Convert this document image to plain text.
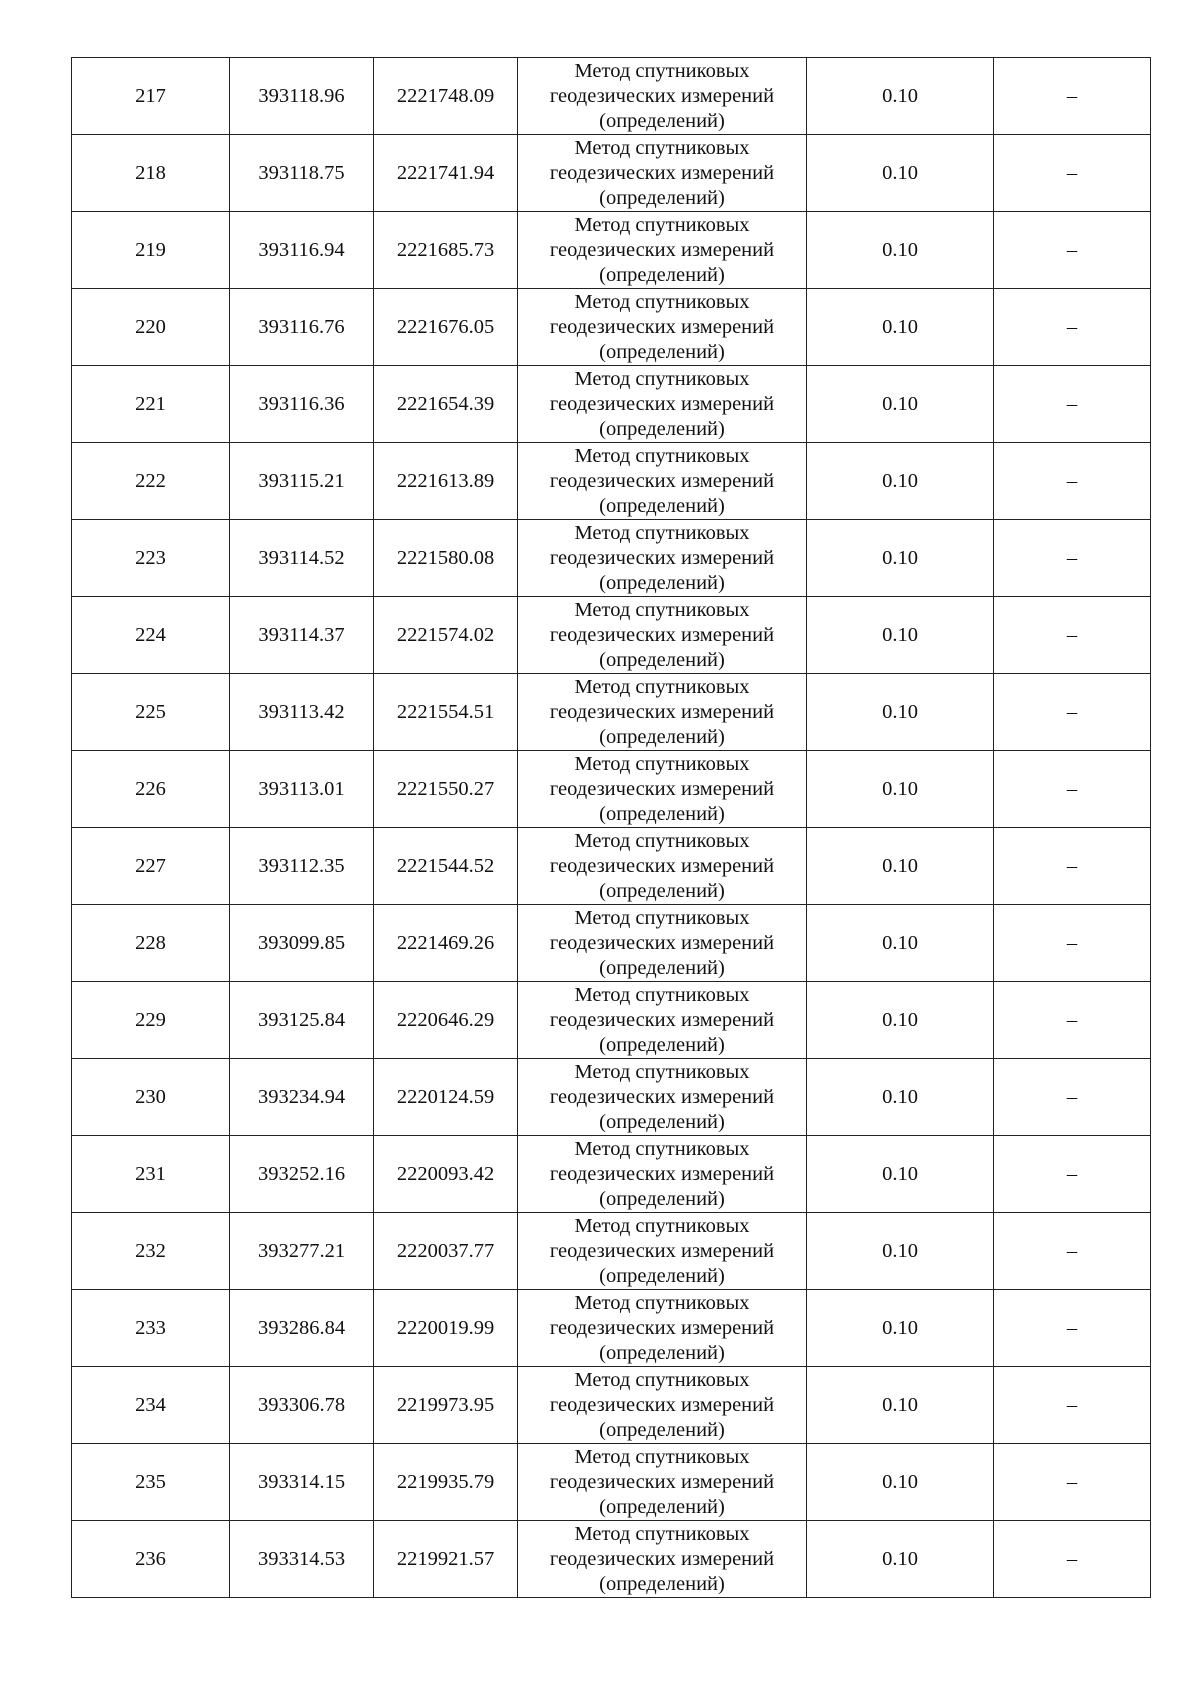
217	393118.96	2221748.09	Метод спутниковых
геодезических измерений
(определений)	0.10	–
218	393118.75	2221741.94	Метод спутниковых
геодезических измерений
(определений)	0.10	–
219	393116.94	2221685.73	Метод спутниковых
геодезических измерений
(определений)	0.10	–
220	393116.76	2221676.05	Метод спутниковых
геодезических измерений
(определений)	0.10	–
221	393116.36	2221654.39	Метод спутниковых
геодезических измерений
(определений)	0.10	–
222	393115.21	2221613.89	Метод спутниковых
геодезических измерений
(определений)	0.10	–
223	393114.52	2221580.08	Метод спутниковых
геодезических измерений
(определений)	0.10	–
224	393114.37	2221574.02	Метод спутниковых
геодезических измерений
(определений)	0.10	–
225	393113.42	2221554.51	Метод спутниковых
геодезических измерений
(определений)	0.10	–
226	393113.01	2221550.27	Метод спутниковых
геодезических измерений
(определений)	0.10	–
227	393112.35	2221544.52	Метод спутниковых
геодезических измерений
(определений)	0.10	–
228	393099.85	2221469.26	Метод спутниковых
геодезических измерений
(определений)	0.10	–
229	393125.84	2220646.29	Метод спутниковых
геодезических измерений
(определений)	0.10	–
230	393234.94	2220124.59	Метод спутниковых
геодезических измерений
(определений)	0.10	–
231	393252.16	2220093.42	Метод спутниковых
геодезических измерений
(определений)	0.10	–
232	393277.21	2220037.77	Метод спутниковых
геодезических измерений
(определений)	0.10	–
233	393286.84	2220019.99	Метод спутниковых
геодезических измерений
(определений)	0.10	–
234	393306.78	2219973.95	Метод спутниковых
геодезических измерений
(определений)	0.10	–
235	393314.15	2219935.79	Метод спутниковых
геодезических измерений
(определений)	0.10	–
236	393314.53	2219921.57	Метод спутниковых
геодезических измерений
(определений)	0.10	–
